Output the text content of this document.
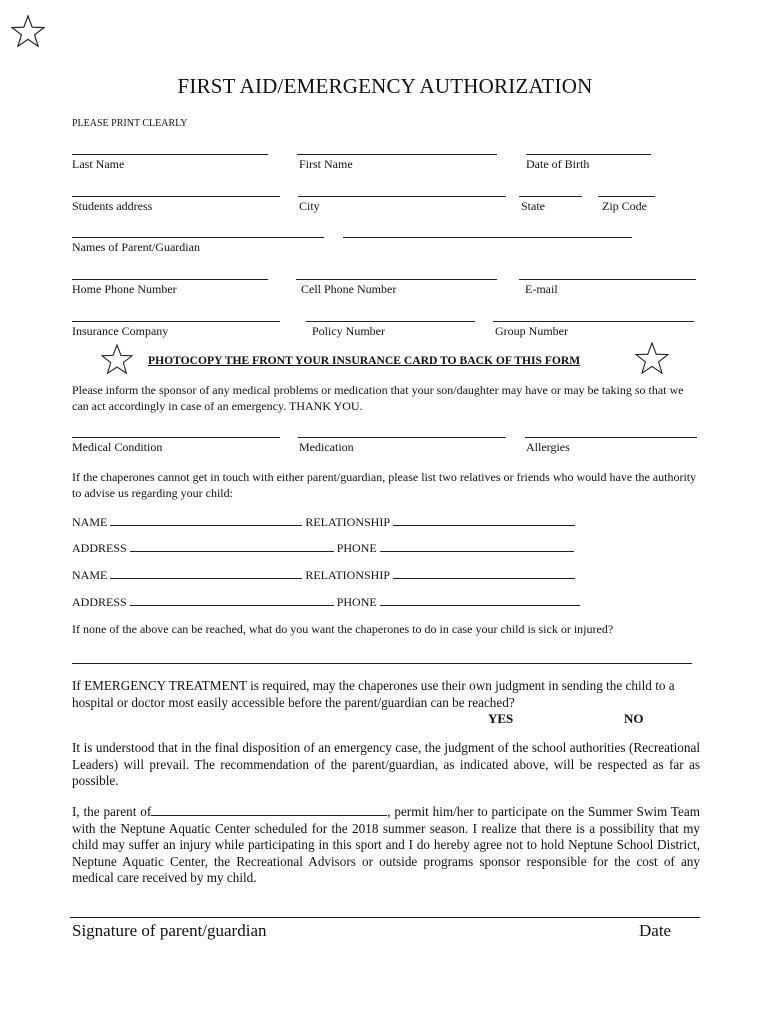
FIRST AID/EMERGENCY AUTHORIZATION
PLEASE PRINT CLEARLY
Last Name	First Name	Date of Birth
Students address	City	State	Zip Code
Names of Parent/Guardian
Home Phone Number	Cell Phone Number	E-mail
Insurance Company	Policy Number	Group Number
PHOTOCOPY THE FRONT YOUR INSURANCE CARD TO BACK OF THIS FORM
Please inform the sponsor of any medical problems or medication that your son/daughter may have or may be taking so that we can act accordingly in case of an emergency. THANK YOU.
Medical Condition	Medication	Allergies
If the chaperones cannot get in touch with either parent/guardian, please list two relatives or friends who would have the authority to advise us regarding your child:
NAME	RELATIONSHIP
ADDRESS	PHONE
NAME	RELATIONSHIP
ADDRESS	PHONE
If none of the above can be reached, what do you want the chaperones to do in case your child is sick or injured?
If EMERGENCY TREATMENT is required, may the chaperones use their own judgment in sending the child to a hospital or doctor most easily accessible before the parent/guardian can be reached?
YES	NO
It is understood that in the final disposition of an emergency case, the judgment of the school authorities (Recreational Leaders) will prevail. The recommendation of the parent/guardian, as indicated above, will be respected as far as possible.
I, the parent of	, permit him/her to participate on the Summer Swim Team with the Neptune Aquatic Center scheduled for the 2018 summer season. I realize that there is a possibility that my child may suffer an injury while participating in this sport and I do hereby agree not to hold Neptune School District, Neptune Aquatic Center, the Recreational Advisors or outside programs sponsor responsible for the cost of any medical care received by my child.
Signature of parent/guardian	Date
